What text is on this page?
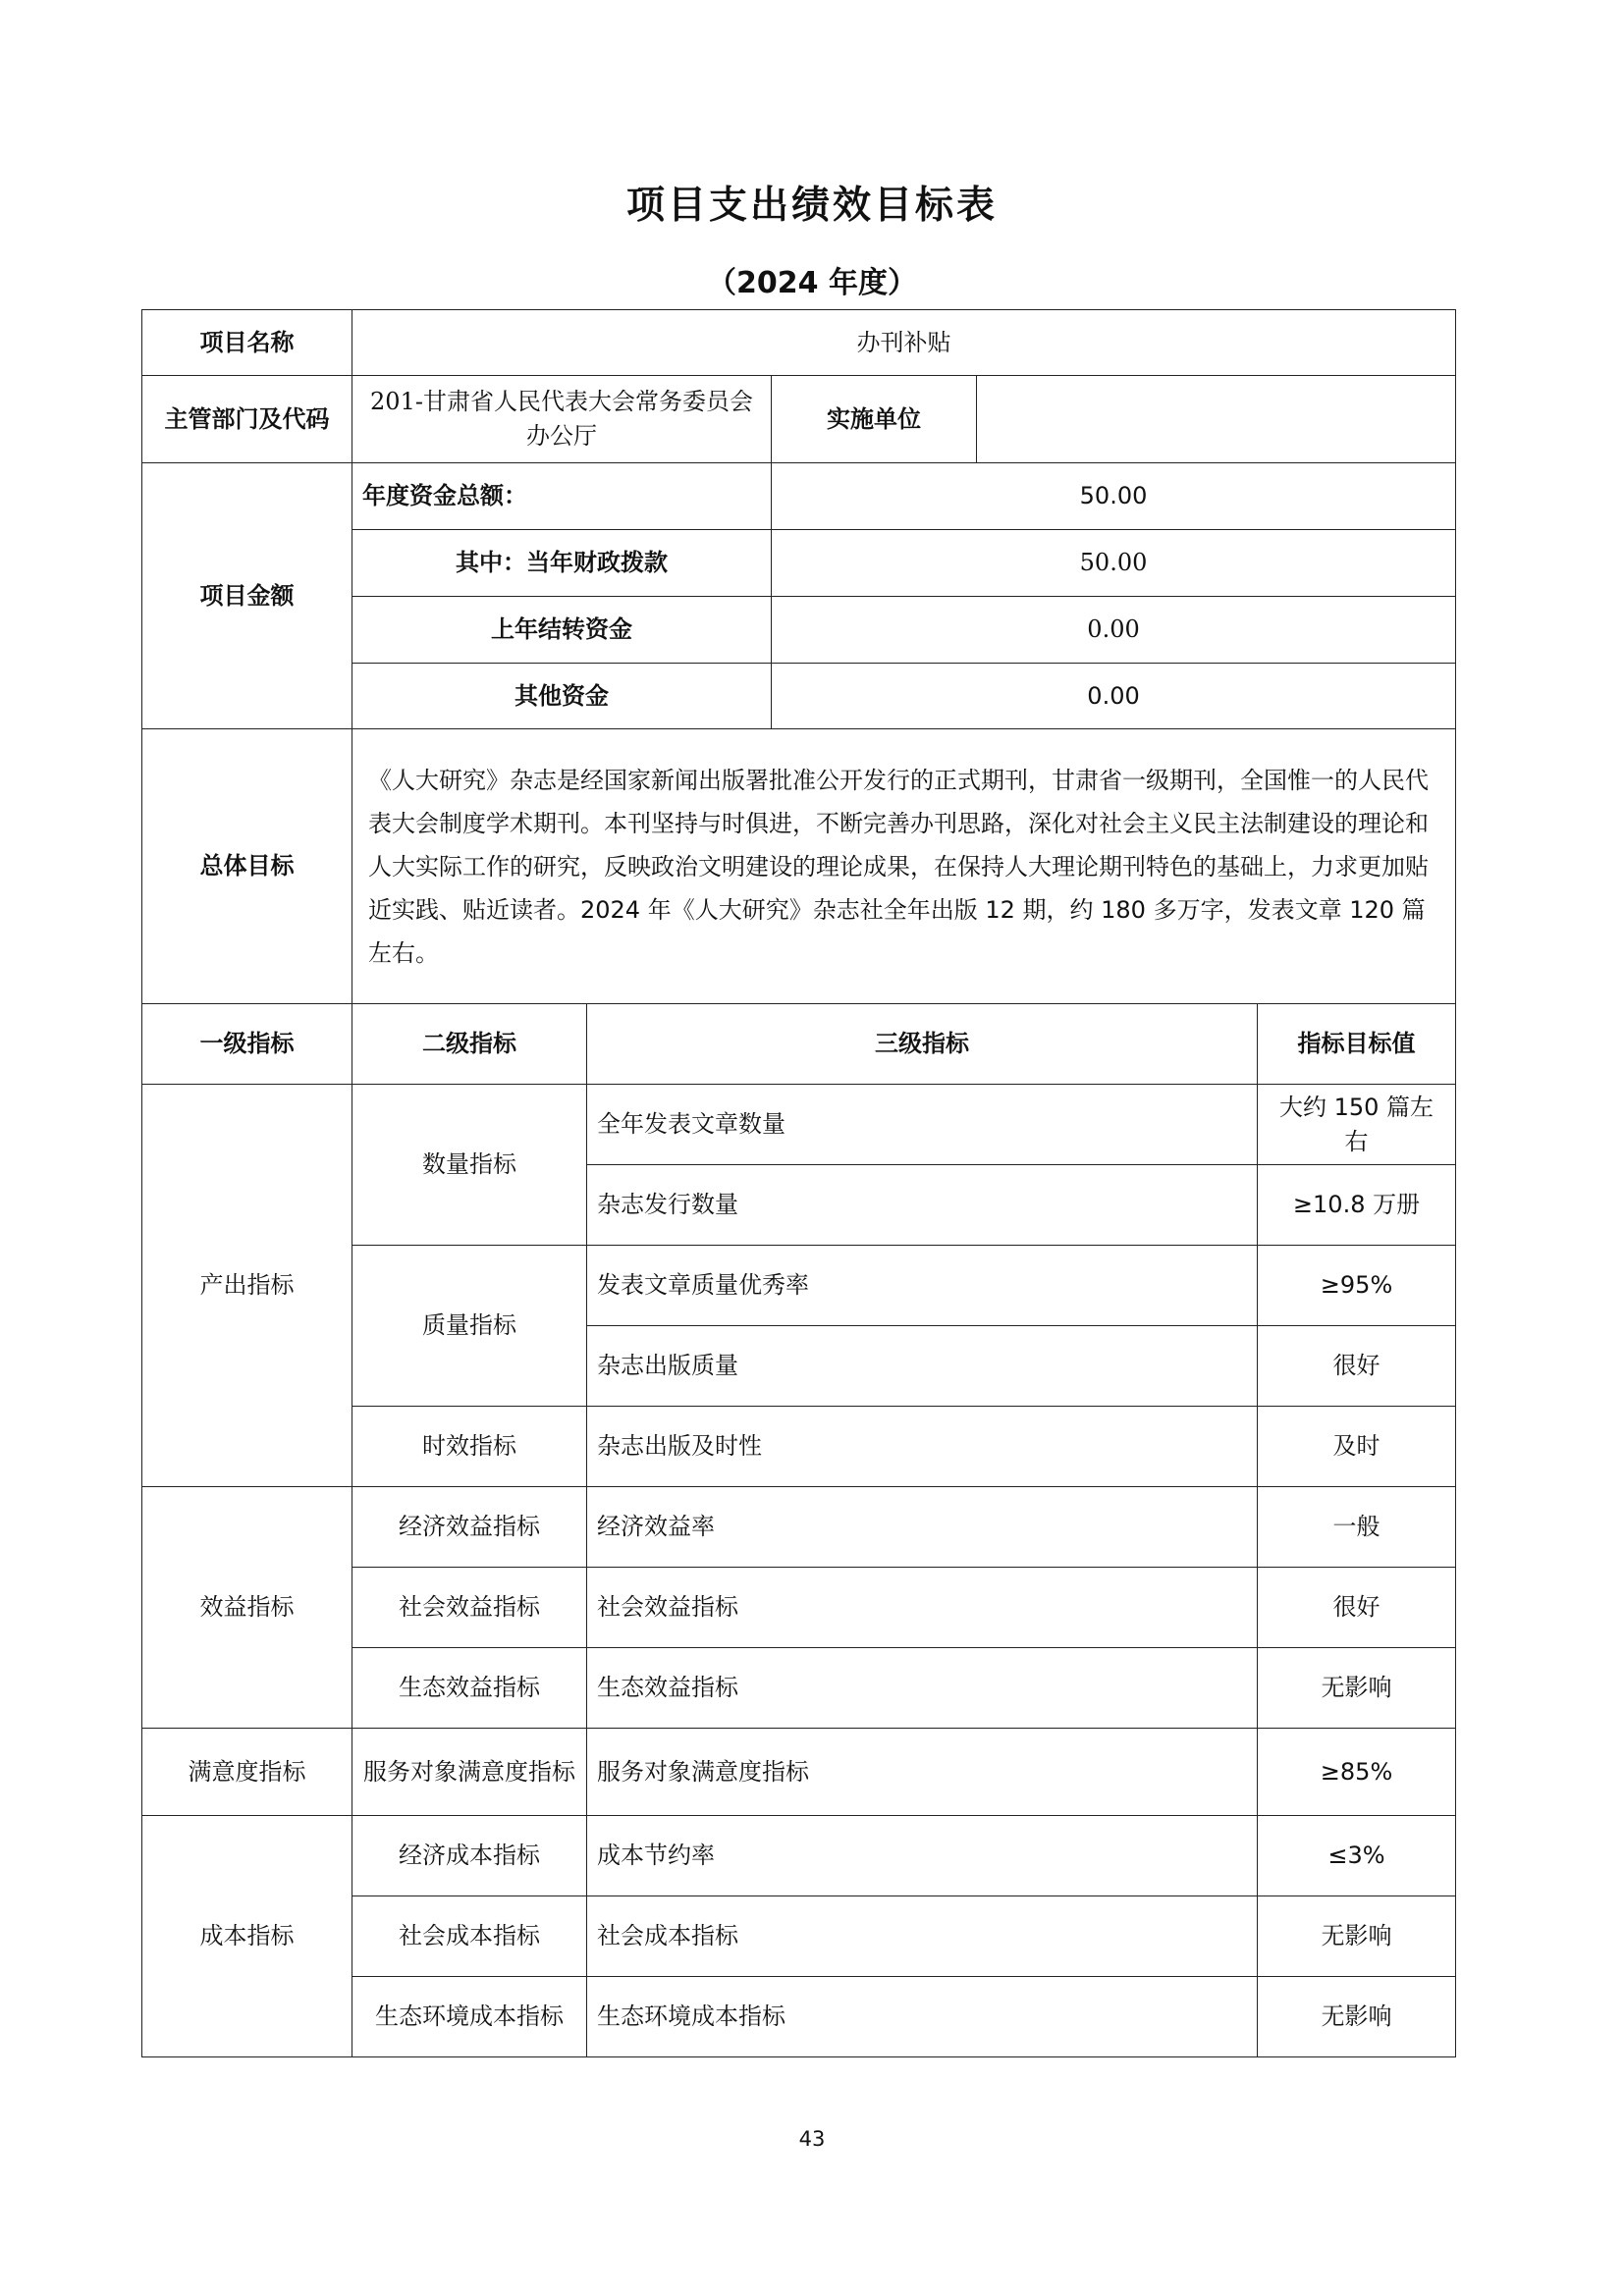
项目支出绩效目标表
（2024 年度）
项目名称	办刊补贴				
主管部门及代码	201-甘肃省人民代表大会常务委员会办公厅		实施单位		
项目金额	年度资金总额：		50.00		
	其中：当年财政拨款		50.00		
	上年结转资金		0.00		
	其他资金		0.00		
总体目标	《人大研究》杂志是经国家新闻出版署批准公开发行的正式期刊，甘肃省一级期刊，全国惟一的人民代表大会制度学术期刊。本刊坚持与时俱进，不断完善办刊思路，深化对社会主义民主法制建设的理论和人大实际工作的研究，反映政治文明建设的理论成果，在保持人大理论期刊特色的基础上，力求更加贴近实践、贴近读者。2024 年《人大研究》杂志社全年出版 12 期，约 180 多万字，发表文章 120 篇左右。				
一级指标	二级指标	三级指标			指标目标值
产出指标	数量指标	全年发表文章数量			大约 150 篇左右
		杂志发行数量			≥10.8 万册
	质量指标	发表文章质量优秀率			≥95%
		杂志出版质量			很好
	时效指标	杂志出版及时性			及时
效益指标	经济效益指标	经济效益率			一般
	社会效益指标	社会效益指标			很好
	生态效益指标	生态效益指标			无影响
满意度指标	服务对象满意度指标	服务对象满意度指标			≥85%
成本指标	经济成本指标	成本节约率			≤3%
	社会成本指标	社会成本指标			无影响
	生态环境成本指标	生态环境成本指标			无影响
43
